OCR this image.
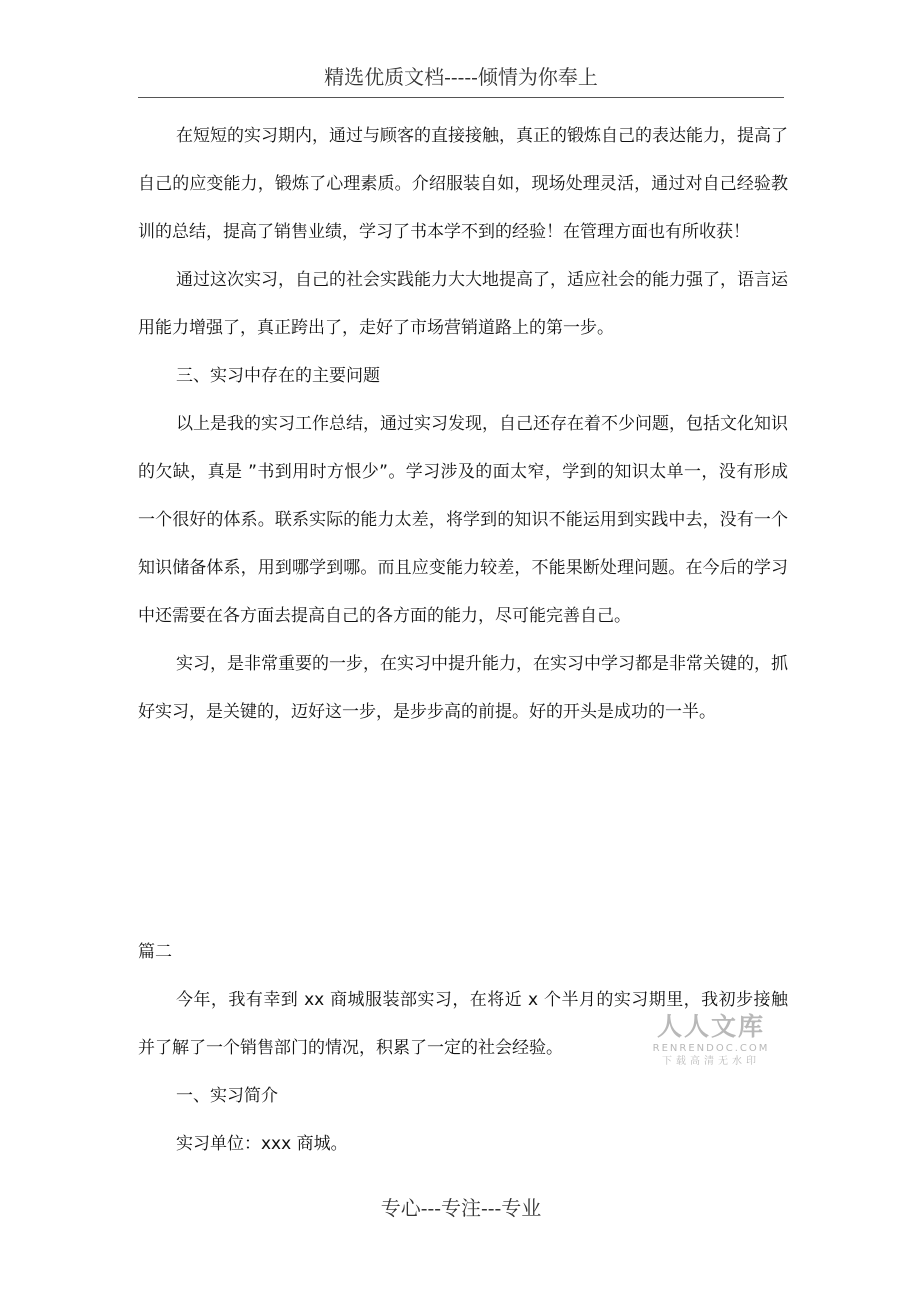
精选优质文档-----倾情为你奉上

在短短的实习期内，通过与顾客的直接接触，真正的锻炼自己的表达能力，提高了自己的应变能力，锻炼了心理素质。介绍服装自如，现场处理灵活，通过对自己经验教训的总结，提高了销售业绩，学习了书本学不到的经验！在管理方面也有所收获！

通过这次实习，自己的社会实践能力大大地提高了，适应社会的能力强了，语言运用能力增强了，真正跨出了，走好了市场营销道路上的第一步。

三、实习中存在的主要问题

以上是我的实习工作总结，通过实习发现，自己还存在着不少问题，包括文化知识的欠缺，真是 ”书到用时方恨少”。学习涉及的面太窄，学到的知识太单一，没有形成一个很好的体系。联系实际的能力太差，将学到的知识不能运用到实践中去，没有一个知识储备体系，用到哪学到哪。而且应变能力较差，不能果断处理问题。在今后的学习中还需要在各方面去提高自己的各方面的能力，尽可能完善自己。

实习，是非常重要的一步，在实习中提升能力，在实习中学习都是非常关键的，抓好实习，是关键的，迈好这一步，是步步高的前提。好的开头是成功的一半。

篇二

今年，我有幸到 xx 商城服装部实习，在将近 x 个半月的实习期里，我初步接触并了解了一个销售部门的情况，积累了一定的社会经验。

一、实习简介

实习单位：xxx 商城。

人人文库
RENRENDOC.COM
下载高清无水印
专心---专注---专业
